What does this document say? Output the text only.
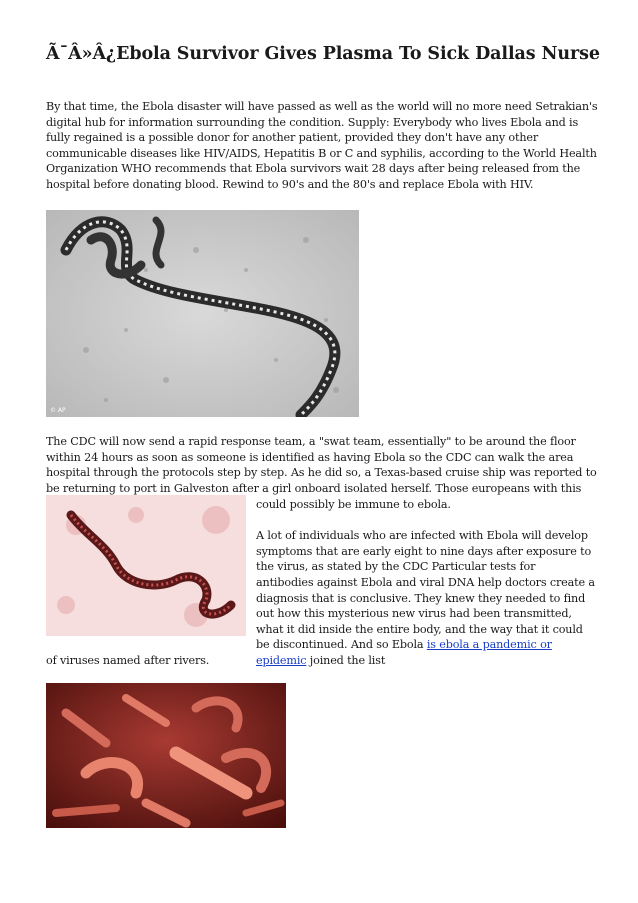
Ã¯Â»Â¿Ebola Survivor Gives Plasma To Sick Dallas Nurse

By that time, the Ebola disaster will have passed as well as the world will no more need Setrakian's digital hub for information surrounding the condition. Supply: Everybody who lives Ebola and is fully regained is a possible donor for another patient, provided they don't have any other communicable diseases like HIV/AIDS, Hepatitis B or C and syphilis, according to the World Health Organization WHO recommends that Ebola survivors wait 28 days after being released from the hospital before donating blood. Rewind to 90's and the 80's and replace Ebola with HIV.

© AP

The CDC will now send a rapid response team, a "swat team, essentially" to be around the floor within 24 hours as soon as someone is identified as having Ebola so the CDC can walk the area hospital through the protocols step by step. As he did so, a Texas-based cruise ship was reported to be returning to port in Galveston after a girl onboard isolated herself. Those europeans with this

could possibly be immune to ebola.

A lot of individuals who are infected with Ebola will develop symptoms that are early eight to nine days after exposure to the virus, as stated by the CDC Particular tests for antibodies against Ebola and viral DNA help doctors create a diagnosis that is conclusive. They knew they needed to find out how this mysterious new virus had been transmitted, what it did inside the entire body, and the way that it could be discontinued. And so Ebola is ebola a pandemic or epidemic joined the list

of viruses named after rivers.
